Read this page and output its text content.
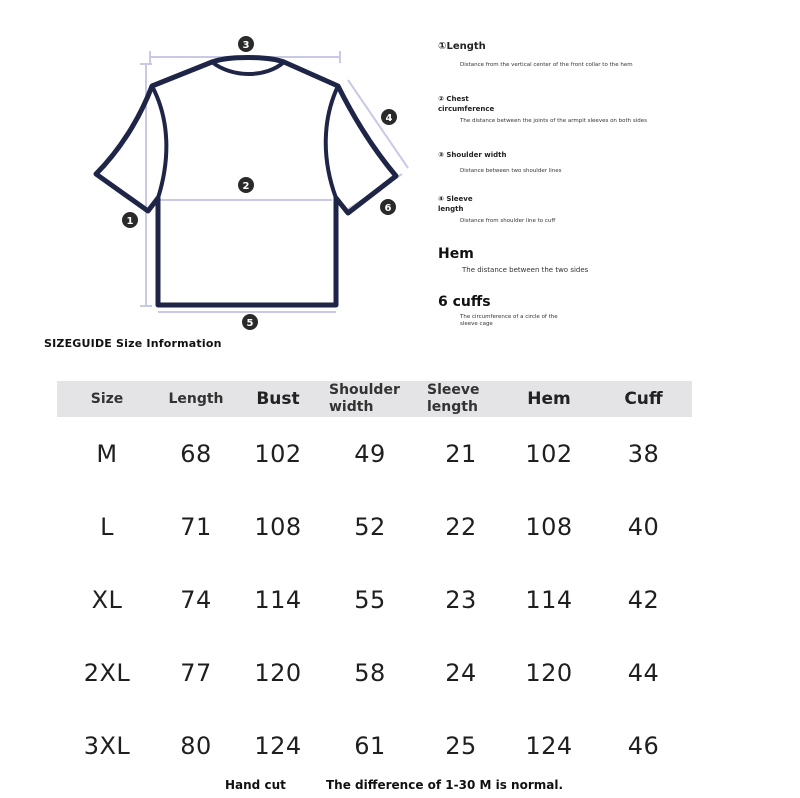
3
4
2
6
1
5
①Length
Distance from the vertical center of the front collar to the hem
② Chest circumference
The distance between the joints of the armpit sleeves on both sides
③ Shoulder width
Distance between two shoulder lines
④ Sleeve length
Distance from shoulder line to cuff
Hem
The distance between the two sides
6 cuffs
The circumference of a circle of the sleeve cage
SIZEGUIDE Size Information
Size	Length	Bust	Shoulder width	Sleeve length	Hem	Cuff
M	68	102	49	21	102	38
L	71	108	52	22	108	40
XL	74	114	55	23	114	42
2XL	77	120	58	24	120	44
3XL	80	124	61	25	124	46
Hand cut	The difference of 1-30 M is normal.
